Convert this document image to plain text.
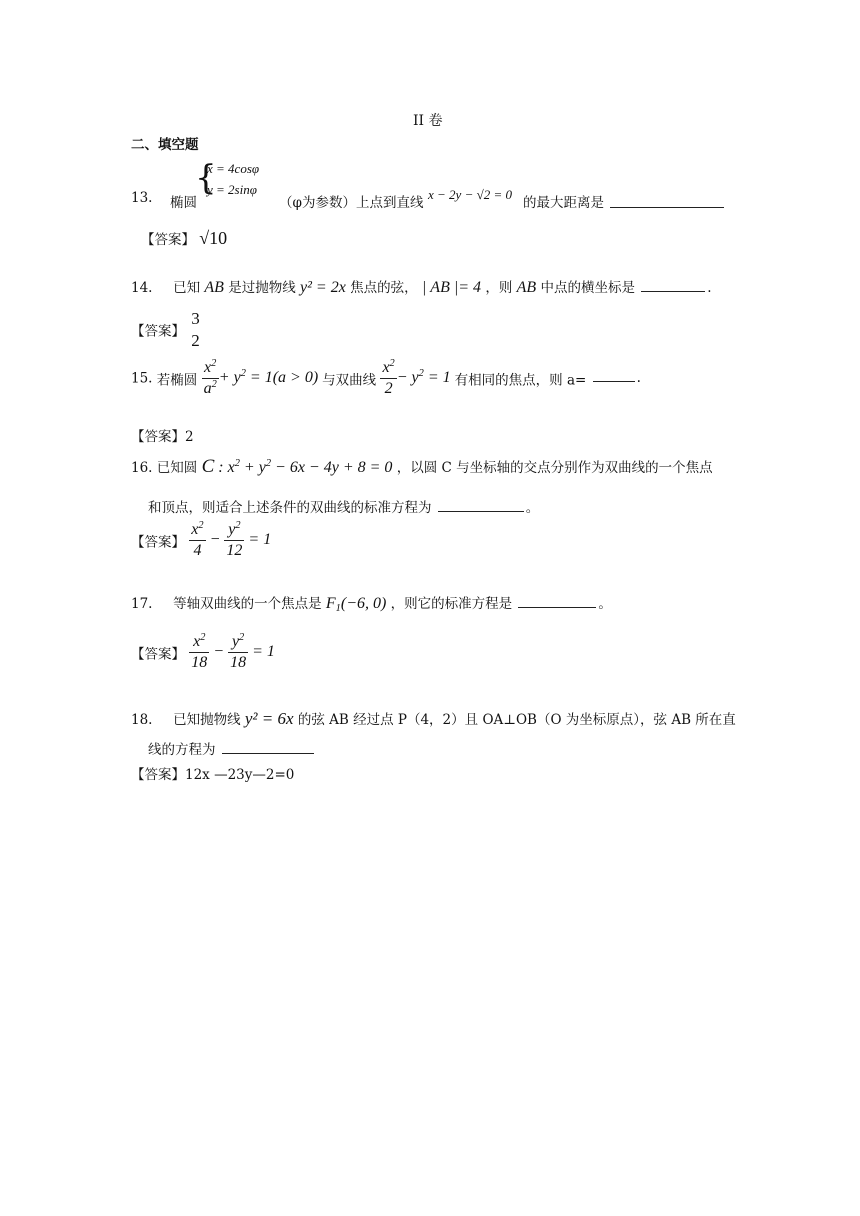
II 卷
二、填空题
13. 椭圆
{
x = 4cosφ
y = 2sinφ
（φ为参数）上点到直线
x − 2y − √2 = 0
的最大距离是
【答案】 √10
14. 已知 AB 是过抛物线 y² = 2x 焦点的弦， | AB |= 4 ，则 AB 中点的横坐标是	.
【答案】
3
2
15. 若椭圆 $\frac{x^2}{a^2} + y^2 = 1(a > 0)$ 与双曲线 $\frac{x^2}{2} - y^2 = 1$ 有相同的焦点，则 a=	.
【答案】2
16. 已知圆 C : $x^2 + y^2 - 6x - 4y + 8 = 0$ ，以圆 C 与坐标轴的交点分别作为双曲线的一个焦点
和顶点，则适合上述条件的双曲线的标准方程为	。
【答案】 $\frac{x^2}{4} - \frac{y^2}{12} = 1$
17. 等轴双曲线的一个焦点是 $F_1(-6$, 0) ，则它的标准方程是	。
【答案】 $\frac{x^2}{18} - \frac{y^2}{18} = 1$
18. 已知抛物线 y² = 6x 的弦 AB 经过点 P（4，2）且 OA⊥OB（O 为坐标原点），弦 AB 所在直
线的方程为
【答案】12x —23y—2=0
